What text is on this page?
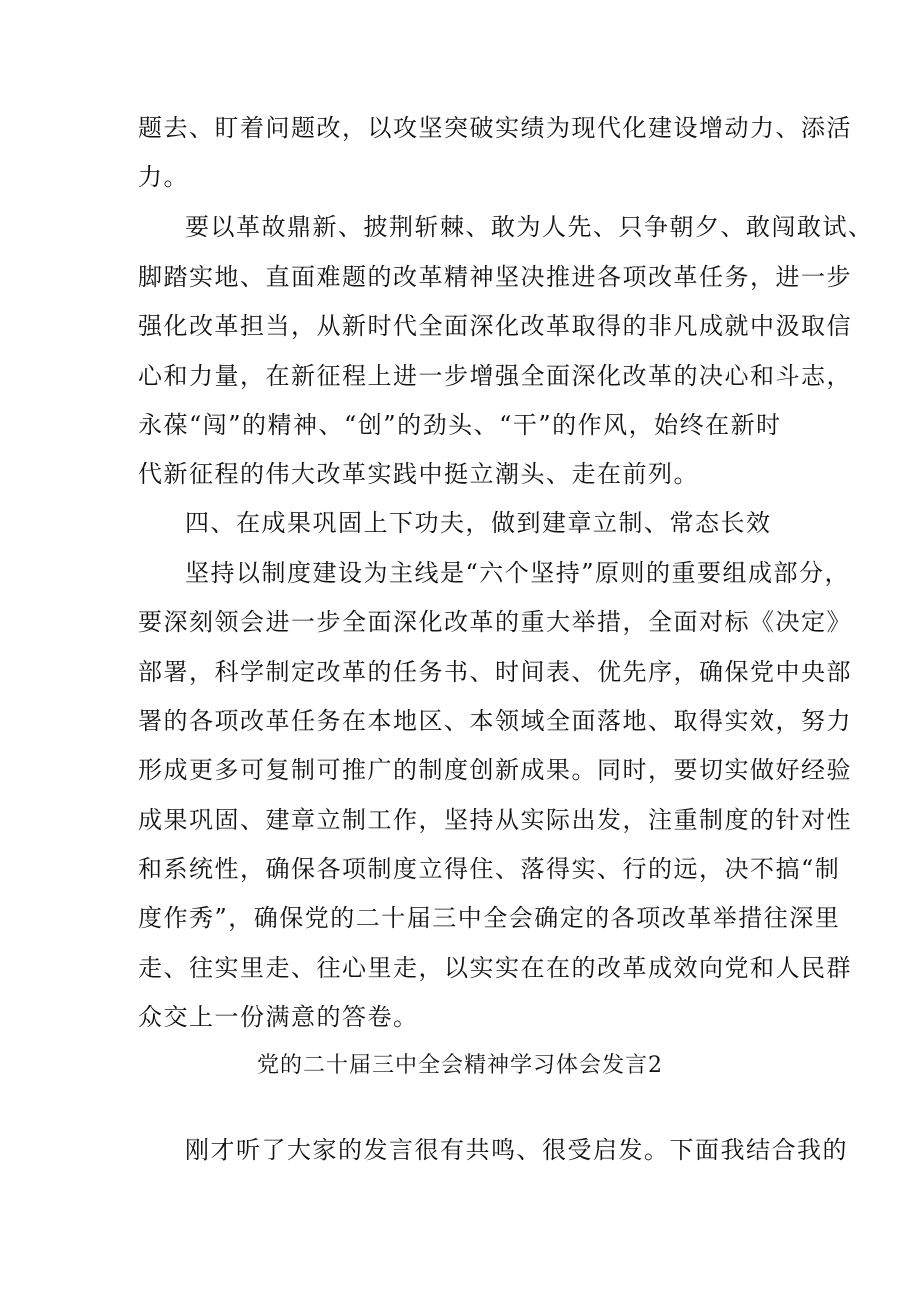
题去、盯着问题改，以攻坚突破实绩为现代化建设增动力、添活
力。
要以革故鼎新、披荆斩棘、敢为人先、只争朝夕、敢闯敢试、
脚踏实地、直面难题的改革精神坚决推进各项改革任务，进一步
强化改革担当，从新时代全面深化改革取得的非凡成就中汲取信
心和力量，在新征程上进一步增强全面深化改革的决心和斗志，
永葆“闯”的精神、“创”的劲头、“干”的作风，始终在新时
代新征程的伟大改革实践中挺立潮头、走在前列。
四、在成果巩固上下功夫，做到建章立制、常态长效
坚持以制度建设为主线是“六个坚持”原则的重要组成部分，
要深刻领会进一步全面深化改革的重大举措，全面对标《决定》
部署，科学制定改革的任务书、时间表、优先序，确保党中央部
署的各项改革任务在本地区、本领域全面落地、取得实效，努力
形成更多可复制可推广的制度创新成果。同时，要切实做好经验
成果巩固、建章立制工作，坚持从实际出发，注重制度的针对性
和系统性，确保各项制度立得住、落得实、行的远，决不搞“制
度作秀”，确保党的二十届三中全会确定的各项改革举措往深里
走、往实里走、往心里走，以实实在在的改革成效向党和人民群
众交上一份满意的答卷。
党的二十届三中全会精神学习体会发言2
刚才听了大家的发言很有共鸣、很受启发。下面我结合我的
